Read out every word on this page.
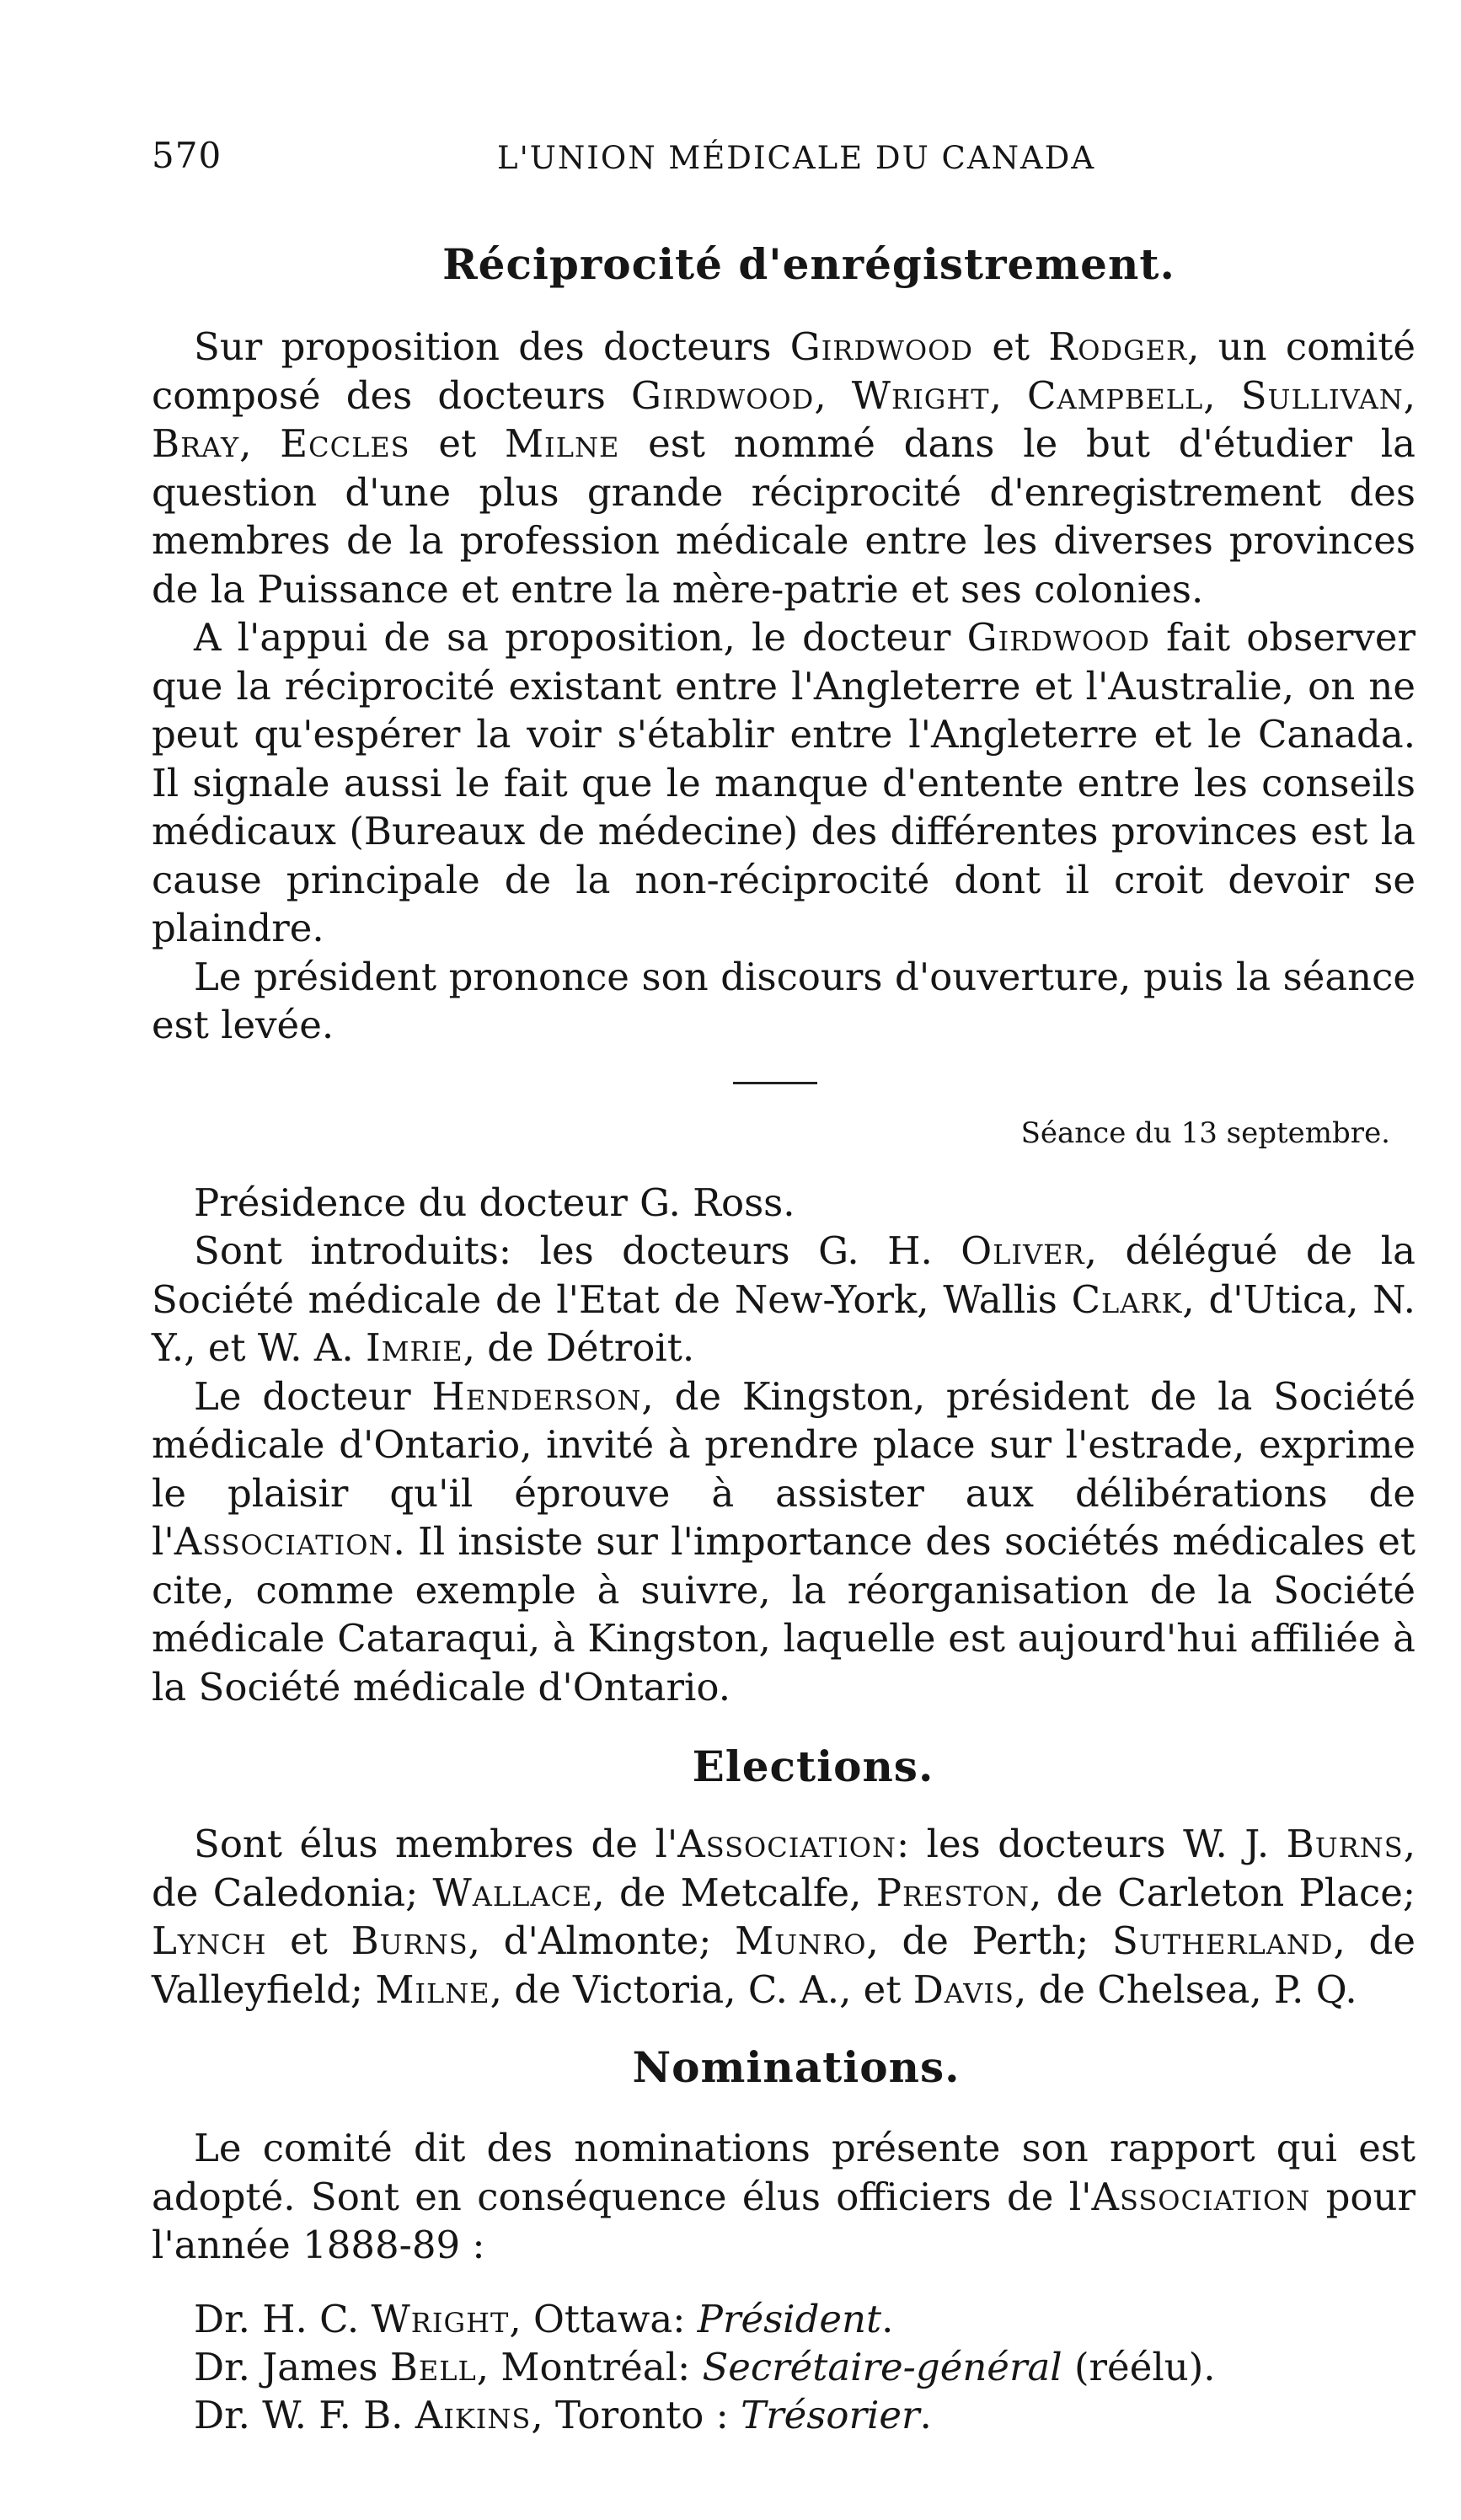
570	L'UNION MÉDICALE DU CANADA
Réciprocité d'enrégistrement.

Sur proposition des docteurs Girdwood et Rodger, un comité composé des docteurs Girdwood, Wright, Campbell, Sullivan, Bray, Eccles et Milne est nommé dans le but d'étudier la question d'une plus grande réciprocité d'enregistrement des membres de la profession médicale entre les diverses provinces de la Puissance et entre la mère-patrie et ses colonies.

A l'appui de sa proposition, le docteur Girdwood fait observer que la réciprocité existant entre l'Angleterre et l'Australie, on ne peut qu'espérer la voir s'établir entre l'Angleterre et le Canada. Il signale aussi le fait que le manque d'entente entre les conseils médicaux (Bureaux de médecine) des différentes provinces est la cause principale de la non-réciprocité dont il croit devoir se plaindre.

Le président prononce son discours d'ouverture, puis la séance est levée.

Séance du 13 septembre.

Présidence du docteur G. Ross.

Sont introduits: les docteurs G. H. Oliver, délégué de la Société médicale de l'Etat de New-York, Wallis Clark, d'Utica, N. Y., et W. A. Imrie, de Détroit.

Le docteur Henderson, de Kingston, président de la Société médicale d'Ontario, invité à prendre place sur l'estrade, exprime le plaisir qu'il éprouve à assister aux délibérations de l'Association. Il insiste sur l'importance des sociétés médicales et cite, comme exemple à suivre, la réorganisation de la Société médicale Cataraqui, à Kingston, laquelle est aujourd'hui affiliée à la Société médicale d'Ontario.

Elections.

Sont élus membres de l'Association: les docteurs W. J. Burns, de Caledonia; Wallace, de Metcalfe, Preston, de Carleton Place; Lynch et Burns, d'Almonte; Munro, de Perth; Sutherland, de Valleyfield; Milne, de Victoria, C. A., et Davis, de Chelsea, P. Q.

Nominations.

Le comité dit des nominations présente son rapport qui est adopté. Sont en conséquence élus officiers de l'Association pour l'année 1888-89 :

Dr. H. C. Wright, Ottawa: Président.

Dr. James Bell, Montréal: Secrétaire-général (réélu).

Dr. W. F. B. Aikins, Toronto : Trésorier.
